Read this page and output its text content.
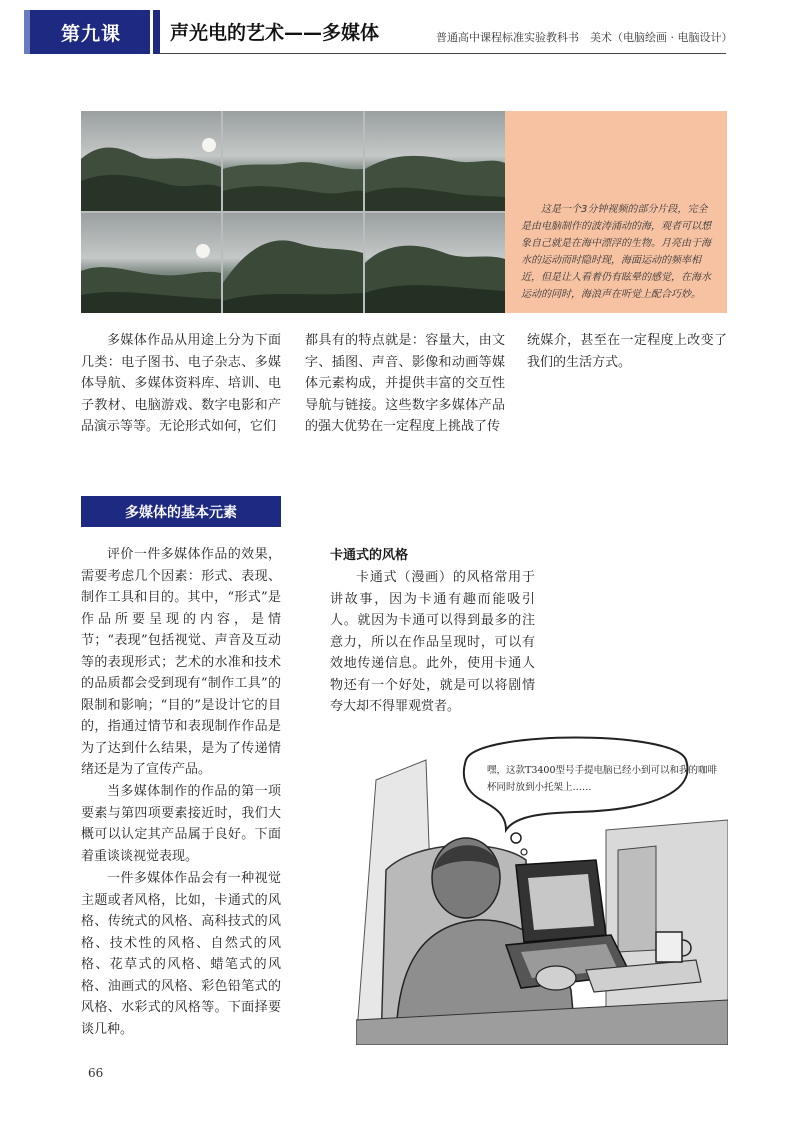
第九课	声光电的艺术——多媒体	普通高中课程标准实验教科书　美术（电脑绘画 · 电脑设计）

这是一个3分钟视频的部分片段，完全是由电脑制作的波涛涌动的海，观者可以想象自己就是在海中漂浮的生物。月亮由于海水的运动而时隐时现，海面运动的频率相近，但是让人看着仍有眩晕的感觉，在海水运动的同时，海浪声在听觉上配合巧妙。

多媒体作品从用途上分为下面几类：电子图书、电子杂志、多媒体导航、多媒体资料库、培训、电子教材、电脑游戏、数字电影和产品演示等等。无论形式如何，它们

都具有的特点就是：容量大，由文字、插图、声音、影像和动画等媒体元素构成，并提供丰富的交互性导航与链接。这些数字多媒体产品的强大优势在一定程度上挑战了传

统媒介，甚至在一定程度上改变了我们的生活方式。

多媒体的基本元素

评价一件多媒体作品的效果，需要考虑几个因素：形式、表现、制作工具和目的。其中，“形式”是作品所要呈现的内容，是情节；“表现”包括视觉、声音及互动等的表现形式；艺术的水准和技术的品质都会受到现有“制作工具”的限制和影响；“目的”是设计它的目的，指通过情节和表现制作作品是为了达到什么结果，是为了传递情绪还是为了宣传产品。

当多媒体制作的作品的第一项要素与第四项要素接近时，我们大概可以认定其产品属于良好。下面着重谈谈视觉表现。

一件多媒体作品会有一种视觉主题或者风格，比如，卡通式的风格、传统式的风格、高科技式的风格、技术性的风格、自然式的风格、花草式的风格、蜡笔式的风格、油画式的风格、彩色铅笔式的风格、水彩式的风格等。下面择要谈几种。

卡通式的风格

卡通式（漫画）的风格常用于讲故事，因为卡通有趣而能吸引人。就因为卡通可以得到最多的注意力，所以在作品呈现时，可以有效地传递信息。此外，使用卡通人物还有一个好处，就是可以将剧情夸大却不得罪观赏者。

嘿，这款T3400型号手提电脑已经小到可以和我的咖啡杯同时放到小托架上……
66
